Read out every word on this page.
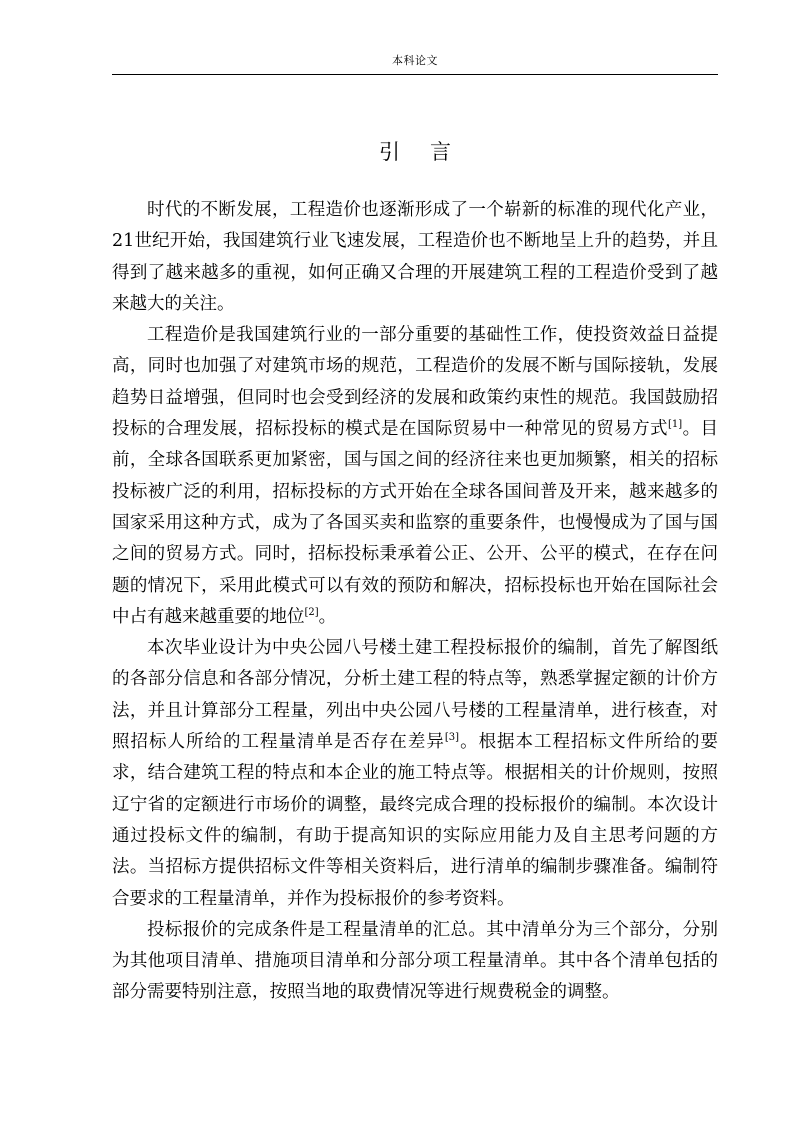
本科论文
引言

时代的不断发展，工程造价也逐渐形成了一个崭新的标准的现代化产业，21世纪开始，我国建筑行业飞速发展，工程造价也不断地呈上升的趋势，并且得到了越来越多的重视，如何正确又合理的开展建筑工程的工程造价受到了越来越大的关注。

工程造价是我国建筑行业的一部分重要的基础性工作，使投资效益日益提高，同时也加强了对建筑市场的规范，工程造价的发展不断与国际接轨，发展趋势日益增强，但同时也会受到经济的发展和政策约束性的规范。我国鼓励招投标的合理发展，招标投标的模式是在国际贸易中一种常见的贸易方式[1]。目前，全球各国联系更加紧密，国与国之间的经济往来也更加频繁，相关的招标投标被广泛的利用，招标投标的方式开始在全球各国间普及开来，越来越多的国家采用这种方式，成为了各国买卖和监察的重要条件，也慢慢成为了国与国之间的贸易方式。同时，招标投标秉承着公正、公开、公平的模式，在存在问题的情况下，采用此模式可以有效的预防和解决，招标投标也开始在国际社会中占有越来越重要的地位[2]。

本次毕业设计为中央公园八号楼土建工程投标报价的编制，首先了解图纸的各部分信息和各部分情况，分析土建工程的特点等，熟悉掌握定额的计价方法，并且计算部分工程量，列出中央公园八号楼的工程量清单，进行核查，对照招标人所给的工程量清单是否存在差异[3]。根据本工程招标文件所给的要求，结合建筑工程的特点和本企业的施工特点等。根据相关的计价规则，按照辽宁省的定额进行市场价的调整，最终完成合理的投标报价的编制。本次设计通过投标文件的编制，有助于提高知识的实际应用能力及自主思考问题的方法。当招标方提供招标文件等相关资料后，进行清单的编制步骤准备。编制符合要求的工程量清单，并作为投标报价的参考资料。

投标报价的完成条件是工程量清单的汇总。其中清单分为三个部分，分别为其他项目清单、措施项目清单和分部分项工程量清单。其中各个清单包括的部分需要特别注意，按照当地的取费情况等进行规费税金的调整。
